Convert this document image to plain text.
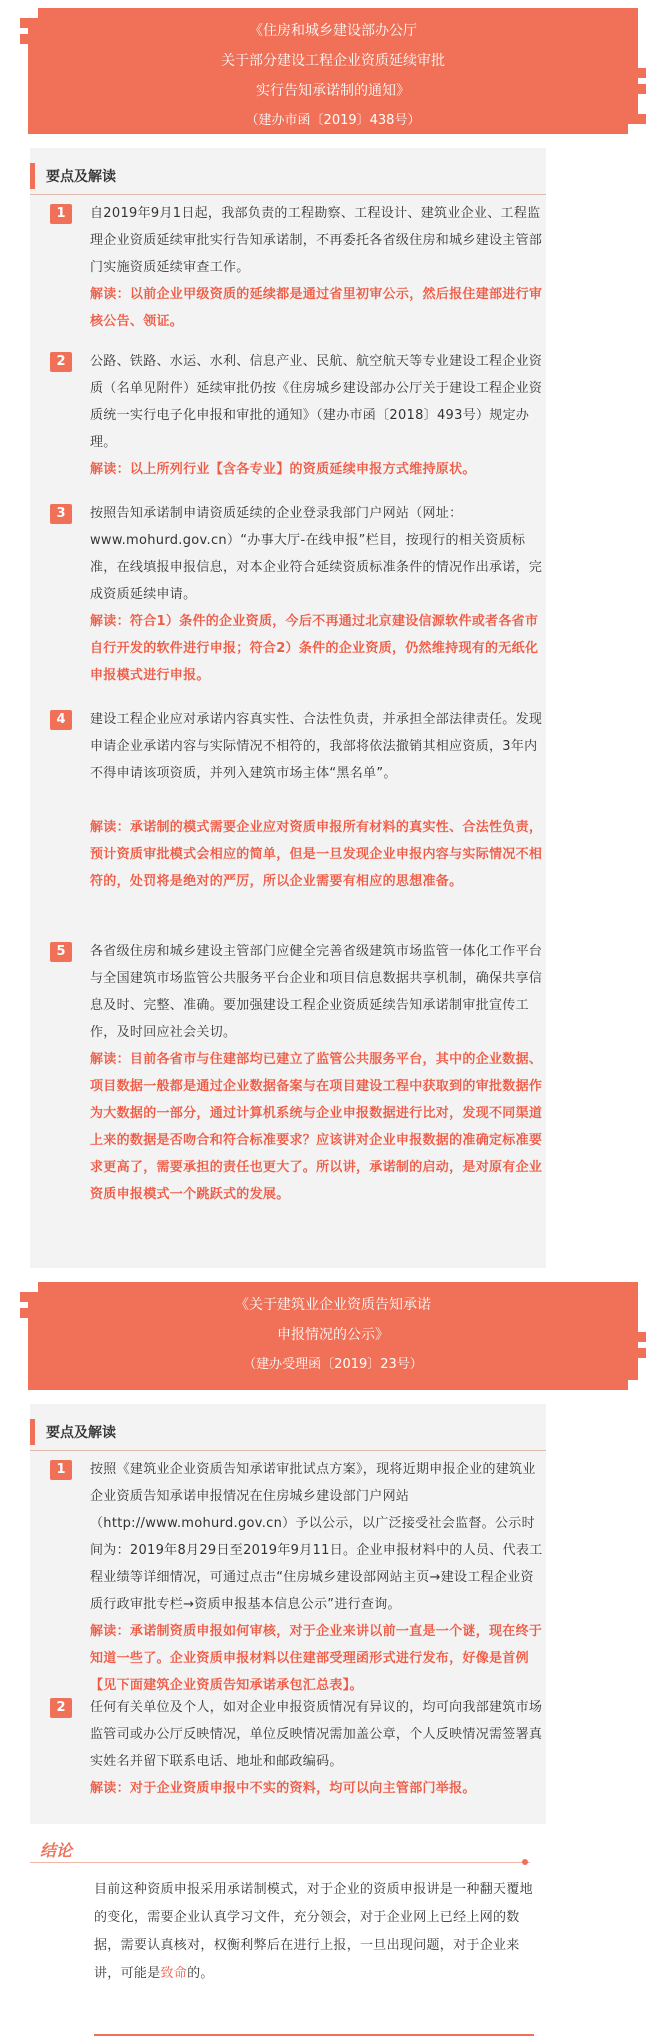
《住房和城乡建设部办公厅
关于部分建设工程企业资质延续审批
实行告知承诺制的通知》
（建办市函〔2019〕438号）
要点及解读
1	自2019年9月1日起，我部负责的工程勘察、工程设计、建筑业企业、工程监理企业资质延续审批实行告知承诺制，不再委托各省级住房和城乡建设主管部门实施资质延续审查工作。
解读：以前企业甲级资质的延续都是通过省里初审公示，然后报住建部进行审核公告、领证。
2	公路、铁路、水运、水利、信息产业、民航、航空航天等专业建设工程企业资质（名单见附件）延续审批仍按《住房城乡建设部办公厅关于建设工程企业资质统一实行电子化申报和审批的通知》（建办市函〔2018〕493号）规定办理。
解读：以上所列行业【含各专业】的资质延续申报方式维持原状。
3	按照告知承诺制申请资质延续的企业登录我部门户网站（网址：www.mohurd.gov.cn）“办事大厅-在线申报”栏目，按现行的相关资质标准，在线填报申报信息，对本企业符合延续资质标准条件的情况作出承诺，完成资质延续申请。
解读：符合1）条件的企业资质，今后不再通过北京建设信源软件或者各省市自行开发的软件进行申报；符合2）条件的企业资质，仍然维持现有的无纸化申报模式进行申报。
4	建设工程企业应对承诺内容真实性、合法性负责，并承担全部法律责任。发现申请企业承诺内容与实际情况不相符的，我部将依法撤销其相应资质，3年内不得申请该项资质，并列入建筑市场主体“黑名单”。
解读：承诺制的模式需要企业应对资质申报所有材料的真实性、合法性负责，预计资质审批模式会相应的简单，但是一旦发现企业申报内容与实际情况不相符的，处罚将是绝对的严厉，所以企业需要有相应的思想准备。
5	各省级住房和城乡建设主管部门应健全完善省级建筑市场监管一体化工作平台与全国建筑市场监管公共服务平台企业和项目信息数据共享机制，确保共享信息及时、完整、准确。要加强建设工程企业资质延续告知承诺制审批宣传工作，及时回应社会关切。
解读：目前各省市与住建部均已建立了监管公共服务平台，其中的企业数据、项目数据一般都是通过企业数据备案与在项目建设工程中获取到的审批数据作为大数据的一部分，通过计算机系统与企业申报数据进行比对，发现不同渠道上来的数据是否吻合和符合标准要求？应该讲对企业申报数据的准确定标准要求更高了，需要承担的责任也更大了。所以讲，承诺制的启动，是对原有企业资质申报模式一个跳跃式的发展。
《关于建筑业企业资质告知承诺
申报情况的公示》
（建办受理函〔2019〕23号）
要点及解读
1	按照《建筑业企业资质告知承诺审批试点方案》，现将近期申报企业的建筑业企业资质告知承诺申报情况在住房城乡建设部门户网站（http://www.mohurd.gov.cn）予以公示，以广泛接受社会监督。公示时间为：2019年8月29日至2019年9月11日。企业申报材料中的人员、代表工程业绩等详细情况，可通过点击“住房城乡建设部网站主页→建设工程企业资质行政审批专栏→资质申报基本信息公示”进行查询。
解读：承诺制资质申报如何审核，对于企业来讲以前一直是一个谜，现在终于知道一些了。企业资质申报材料以住建部受理函形式进行发布，好像是首例【见下面建筑企业资质告知承诺承包汇总表】。
2	任何有关单位及个人，如对企业申报资质情况有异议的，均可向我部建筑市场监管司或办公厅反映情况，单位反映情况需加盖公章，个人反映情况需签署真实姓名并留下联系电话、地址和邮政编码。
解读：对于企业资质申报中不实的资料，均可以向主管部门举报。
结论
目前这种资质申报采用承诺制模式，对于企业的资质申报讲是一种翻天覆地的变化，需要企业认真学习文件，充分领会，对于企业网上已经上网的数据，需要认真核对，权衡利弊后在进行上报，一旦出现问题，对于企业来讲，可能是致命的。
